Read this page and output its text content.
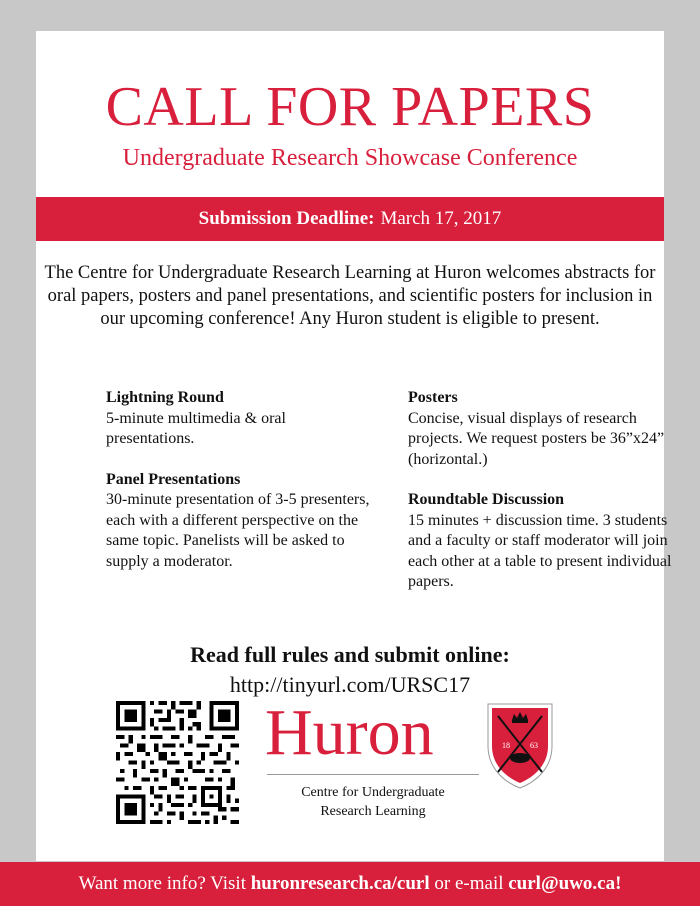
CALL FOR PAPERS
Undergraduate Research Showcase Conference
Submission Deadline: March 17, 2017
The Centre for Undergraduate Research Learning at Huron welcomes abstracts for oral papers, posters and panel presentations, and scientific posters for inclusion in our upcoming conference! Any Huron student is eligible to present.
Lightning Round
5-minute multimedia & oral presentations.
Panel Presentations
30-minute presentation of 3-5 presenters, each with a different perspective on the same topic. Panelists will be asked to supply a moderator.
Posters
Concise, visual displays of research projects. We request posters be 36”x24” (horizontal.)
Roundtable Discussion
15 minutes + discussion time. 3 students and a faculty or staff moderator will join each other at a table to present individual papers.
Read full rules and submit online:
http://tinyurl.com/URSC17
Huron
Centre for Undergraduate
Research Learning
18	63
Want more info? Visit
huronresearch.ca/curl
or e-mail
curl@uwo.ca!
